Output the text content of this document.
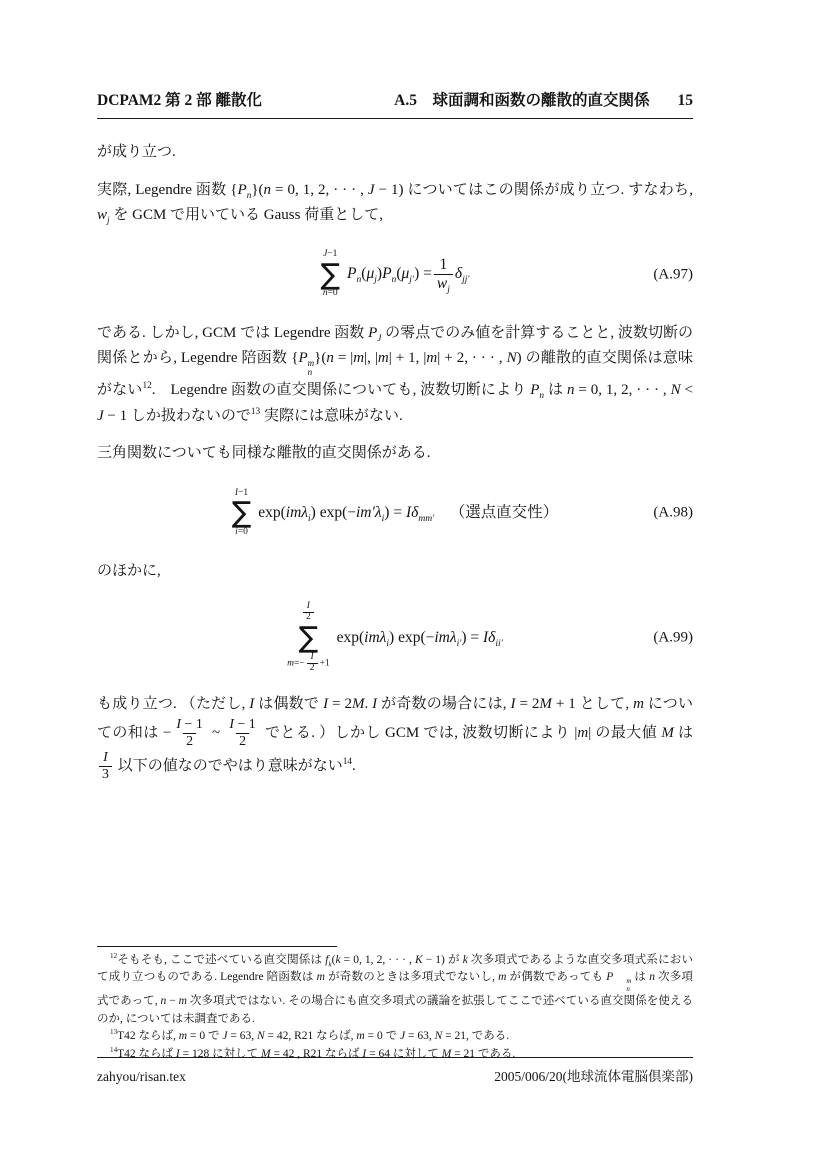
DCPAM2 第 2 部 離散化	A.5　球面調和函数の離散的直交関係 15

が成り立つ.

実際, Legendre 函数 $\{P_n\}(n = 0$, 1, 2, · · · , J − 1) についてはこの関係が成り立つ. すなわち, $w_j$ を GCM で用いている Gauss 荷重として,

J−1
∑
n=0
$P_n(\mu_j)P_n(\mu_{j'}) = \frac{1}{w_j} \delta_{jj'}$	(A.97)

である. しかし, GCM では Legendre 函数 $P_J$ の零点でのみ値を計算することと, 波数切断の関係とから, Legendre 陪函数 {P m
n
}(n = |m|, |m| + 1, |m| + 2, · · · , N) の離散的直交関係は意味がない$^{12}$. Legendre 函数の直交関係についても, 波数切断により $P_n$ は n = 0, 1, 2, · · · , N < J − 1 しか扱わないので$^{13}$ 実際には意味がない.

三角関数についても同様な離散的直交関係がある.

I−1
∑
i=0
exp(imλ$_i$) $\exp(-im'\lambda_i) = I\delta_{mm'}$ （選点直交性）	(A.98)

のほかに,

$\frac{I}{2}$
∑
$m=- \frac{I}{2} +1$
exp(imλ$_i$) $\exp(-im\lambda_{i'}) = I\delta_{ii'}$	(A.99)

も成り立つ. （ただし, I は偶数で I = 2M. I が奇数の場合には, I = 2M + 1 として, m についての和は − $\frac{I - 1}{2}$ ~ $\frac{I - 1}{2}$ でとる. ）しかし GCM では, 波数切断により |m| の最大値 M は
$\frac{I}{3}$ 以下の値なのでやはり意味がない$^{14}$.

$^{12}$そもそも, ここで述べている直交関係は $f_k(k = 0$, 1, 2, · · · , K − 1) が k 次多項式であるような直交多項式系において成り立つものである. Legendre 陪函数は m が奇数のときは多項式でないし, m が偶数であっても P	m
n
は n 次多項式であって, n − m 次多項式ではない. その場合にも直交多項式の議論を拡張してここで述べている直交関係を使えるのか, については未調査である.

$^{13}$T42 ならば, m = 0 で J = 63, N = 42, R21 ならば, m = 0 で J = 63, N = 21, である.

$^{14}$T42 ならば I = 128 に対して M = 42 , R21 ならば I = 64 に対して M = 21 である.

zahyou/risan.tex	2005/006/20(地球流体電脳倶楽部)
